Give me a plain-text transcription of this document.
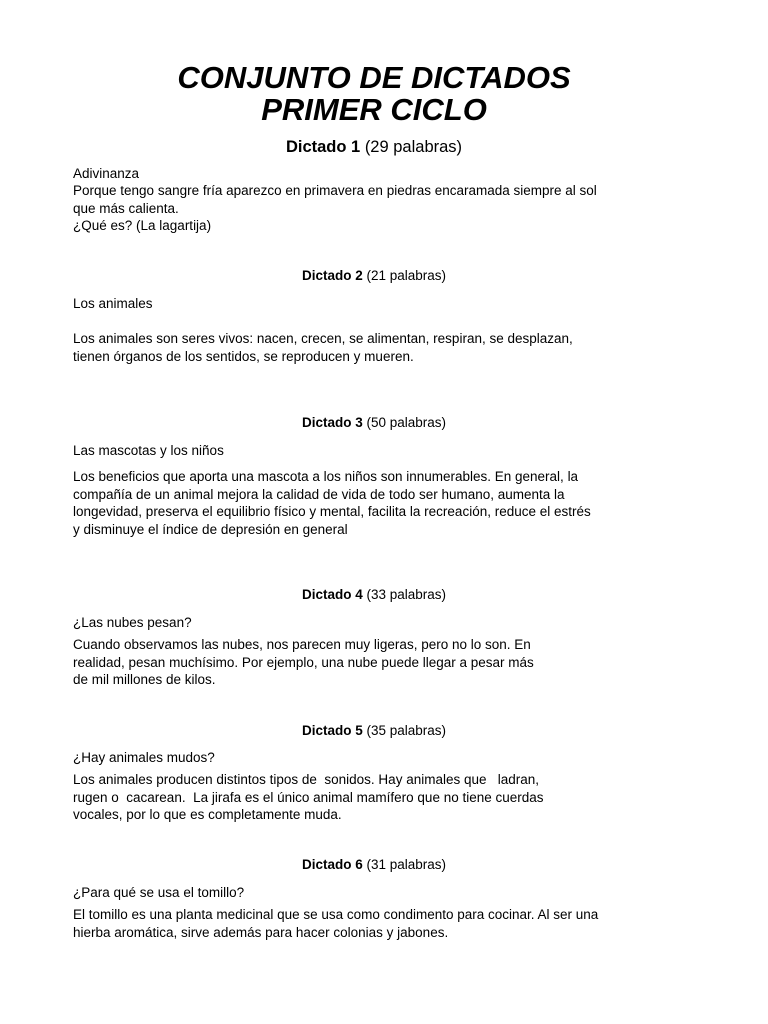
CONJUNTO DE DICTADOS
PRIMER CICLO
Dictado 1 (29 palabras)
Adivinanza
Porque tengo sangre fría aparezco en primavera en piedras encaramada siempre al sol
que más calienta.
¿Qué es? (La lagartija)
Dictado 2 (21 palabras)
Los animales
Los animales son seres vivos: nacen, crecen, se alimentan, respiran, se desplazan,
tienen órganos de los sentidos, se reproducen y mueren.
Dictado 3 (50 palabras)
Las mascotas y los niños
Los beneficios que aporta una mascota a los niños son innumerables. En general, la
compañía de un animal mejora la calidad de vida de todo ser humano, aumenta la
longevidad, preserva el equilibrio físico y mental, facilita la recreación, reduce el estrés
y disminuye el índice de depresión en general
Dictado 4 (33 palabras)
¿Las nubes pesan?
Cuando observamos las nubes, nos parecen muy ligeras, pero no lo son. En
realidad, pesan muchísimo. Por ejemplo, una nube puede llegar a pesar más
de mil millones de kilos.
Dictado 5 (35 palabras)
¿Hay animales mudos?
Los animales producen distintos tipos de  sonidos. Hay animales que   ladran,
rugen o  cacarean.  La jirafa es el único animal mamífero que no tiene cuerdas
vocales, por lo que es completamente muda.
Dictado 6 (31 palabras)
¿Para qué se usa el tomillo?
El tomillo es una planta medicinal que se usa como condimento para cocinar. Al ser una
hierba aromática, sirve además para hacer colonias y jabones.
